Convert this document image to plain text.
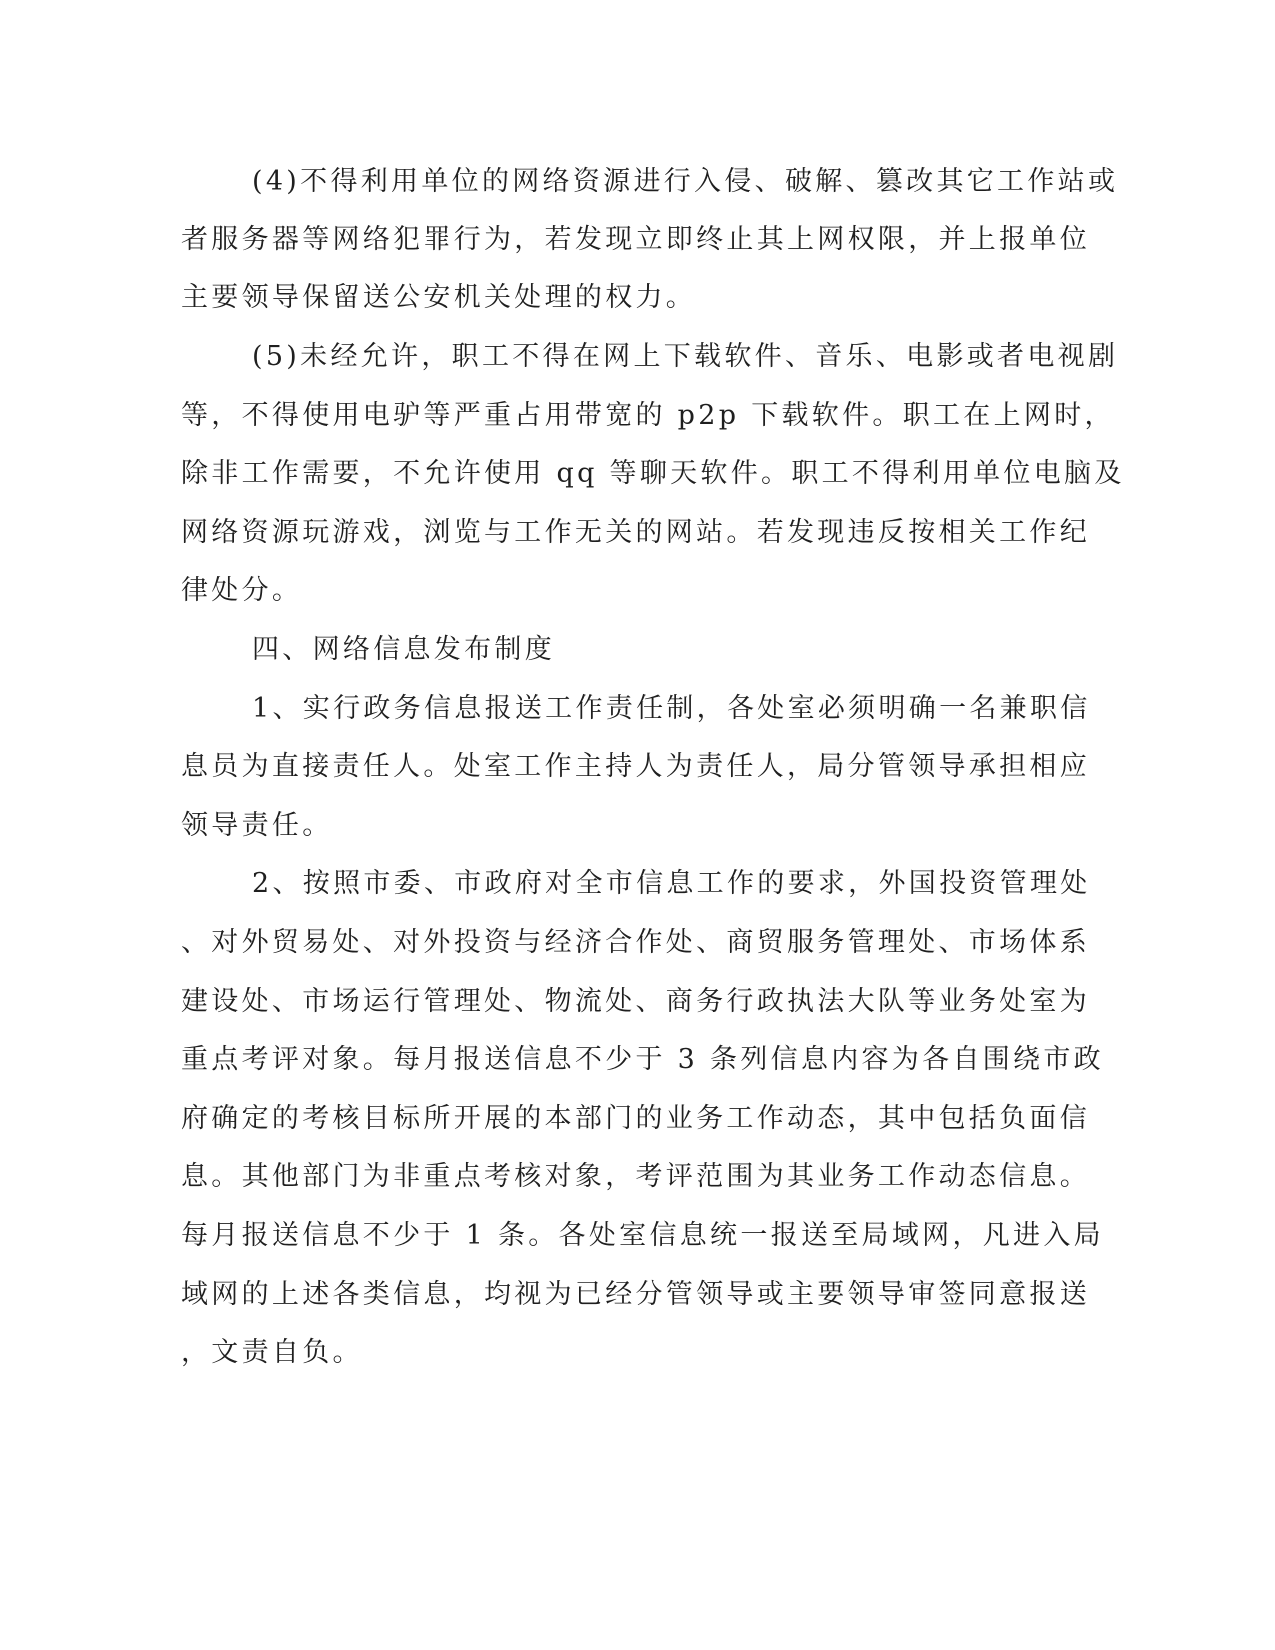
(4)不得利用单位的网络资源进行入侵、破解、篡改其它工作站或
者服务器等网络犯罪行为，若发现立即终止其上网权限，并上报单位
主要领导保留送公安机关处理的权力。
(5)未经允许，职工不得在网上下载软件、音乐、电影或者电视剧
等，不得使用电驴等严重占用带宽的 p2p 下载软件。职工在上网时，
除非工作需要，不允许使用 qq 等聊天软件。职工不得利用单位电脑及
网络资源玩游戏，浏览与工作无关的网站。若发现违反按相关工作纪
律处分。
四、网络信息发布制度
1、实行政务信息报送工作责任制，各处室必须明确一名兼职信
息员为直接责任人。处室工作主持人为责任人，局分管领导承担相应
领导责任。
2、按照市委、市政府对全市信息工作的要求，外国投资管理处
、对外贸易处、对外投资与经济合作处、商贸服务管理处、市场体系
建设处、市场运行管理处、物流处、商务行政执法大队等业务处室为
重点考评对象。每月报送信息不少于 3 条列信息内容为各自围绕市政
府确定的考核目标所开展的本部门的业务工作动态，其中包括负面信
息。其他部门为非重点考核对象，考评范围为其业务工作动态信息。
每月报送信息不少于 1 条。各处室信息统一报送至局域网，凡进入局
域网的上述各类信息，均视为已经分管领导或主要领导审签同意报送
，文责自负。
